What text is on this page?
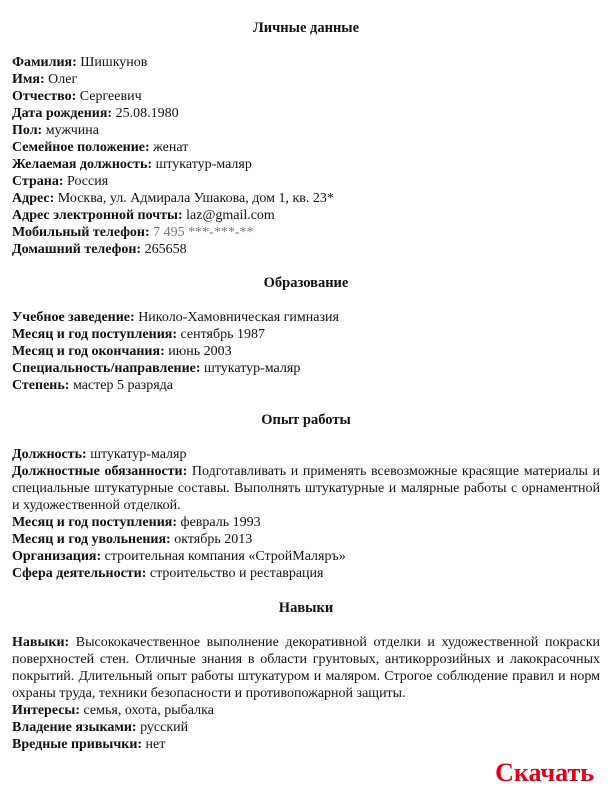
Личные данные
Фамилия: Шишкунов
Имя: Олег
Отчество: Сергеевич
Дата рождения: 25.08.1980
Пол: мужчина
Семейное положение: женат
Желаемая должность: штукатур-маляр
Страна: Россия
Адрес: Москва, ул. Адмирала Ушакова, дом 1, кв. 23*
Адрес электронной почты: laz@gmail.com
Мобильный телефон: 7 495 ***-***-**
Домашний телефон: 265658
Образование
Учебное заведение: Николо-Хамовническая гимназия
Месяц и год поступления: сентябрь 1987
Месяц и год окончания: июнь 2003
Специальность/направление: штукатур-маляр
Степень: мастер 5 разряда
Опыт работы
Должность: штукатур-маляр
Должностные обязанности: Подготавливать и применять всевозможные красящие материалы и специальные штукатурные составы. Выполнять штукатурные и малярные работы с орнаментной и художественной отделкой.
Месяц и год поступления: февраль 1993
Месяц и год увольнения: октябрь 2013
Организация: строительная компания «СтройМаляръ»
Сфера деятельности: строительство и реставрация
Навыки
Навыки: Высококачественное выполнение декоративной отделки и художественной покраски поверхностей стен. Отличные знания в области грунтовых, антикоррозийных и лакокрасочных покрытий. Длительный опыт работы штукатуром и маляром. Строгое соблюдение правил и норм охраны труда, техники безопасности и противопожарной защиты.
Интересы: семья, охота, рыбалка
Владение языками: русский
Вредные привычки: нет
Скачать
